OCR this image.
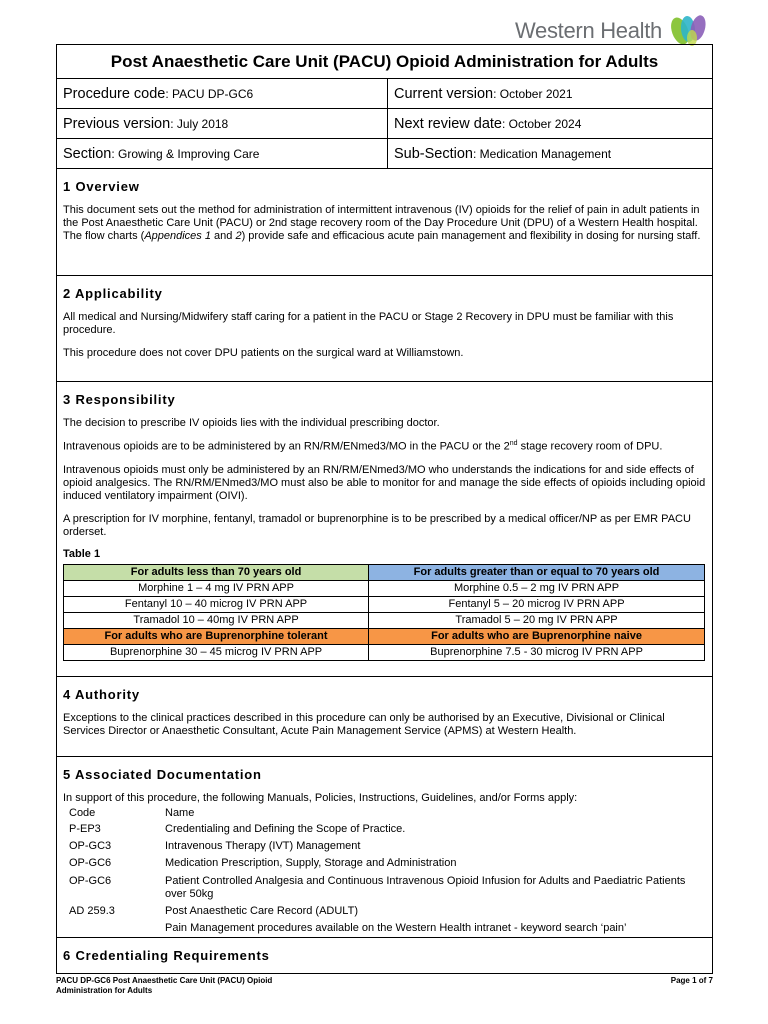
Western Health
Post Anaesthetic Care Unit (PACU) Opioid Administration for Adults
Procedure code : PACU DP-GC6	Current version : October 2021
Previous version : July 2018	Next review date : October 2024
Section : Growing & Improving Care	Sub-Section : Medication Management
1 Overview

This document sets out the method for administration of intermittent intravenous (IV) opioids for the relief of pain in adult patients in the Post Anaesthetic Care Unit (PACU) or 2nd stage recovery room of the Day Procedure Unit (DPU) of a Western Health hospital. The flow charts (Appendices 1 and 2) provide safe and efficacious acute pain management and flexibility in dosing for nursing staff.

2 Applicability

All medical and Nursing/Midwifery staff caring for a patient in the PACU or Stage 2 Recovery in DPU must be familiar with this procedure.

This procedure does not cover DPU patients on the surgical ward at Williamstown.

3 Responsibility

The decision to prescribe IV opioids lies with the individual prescribing doctor.

Intravenous opioids are to be administered by an RN/RM/ENmed3/MO in the PACU or the 2nd stage recovery room of DPU.

Intravenous opioids must only be administered by an RN/RM/ENmed3/MO who understands the indications for and side effects of opioid analgesics. The RN/RM/ENmed3/MO must also be able to monitor for and manage the side effects of opioids including opioid induced ventilatory impairment (OIVI).

A prescription for IV morphine, fentanyl, tramadol or buprenorphine is to be prescribed by a medical officer/NP as per EMR PACU orderset.

Table 1
For adults less than 70 years old	For adults greater than or equal to 70 years old
Morphine 1 – 4 mg IV PRN APP	Morphine 0.5 – 2 mg IV PRN APP
Fentanyl 10 – 40 microg IV PRN APP	Fentanyl 5 – 20 microg IV PRN APP
Tramadol 10 – 40mg IV PRN APP	Tramadol 5 – 20 mg IV PRN APP
For adults who are Buprenorphine tolerant	For adults who are Buprenorphine naive
Buprenorphine 30 – 45 microg IV PRN APP	Buprenorphine 7.5 - 30 microg IV PRN APP
4 Authority

Exceptions to the clinical practices described in this procedure can only be authorised by an Executive, Divisional or Clinical Services Director or Anaesthetic Consultant, Acute Pain Management Service (APMS) at Western Health.

5 Associated Documentation
In support of this procedure, the following Manuals, Policies, Instructions, Guidelines, and/or Forms apply:
Code	Name
P-EP3	Credentialing and Defining the Scope of Practice.
OP-GC3	Intravenous Therapy (IVT) Management
OP-GC6	Medication Prescription, Supply, Storage and Administration
OP-GC6	Patient Controlled Analgesia and Continuous Intravenous Opioid Infusion for Adults and Paediatric Patients over 50kg
AD 259.3	Post Anaesthetic Care Record (ADULT)
Pain Management procedures available on the Western Health intranet - keyword search ‘pain’
6 Credentialing Requirements
PACU DP-GC6 Post Anaesthetic Care Unit (PACU) Opioid Administration for Adults
Page 1 of 7
